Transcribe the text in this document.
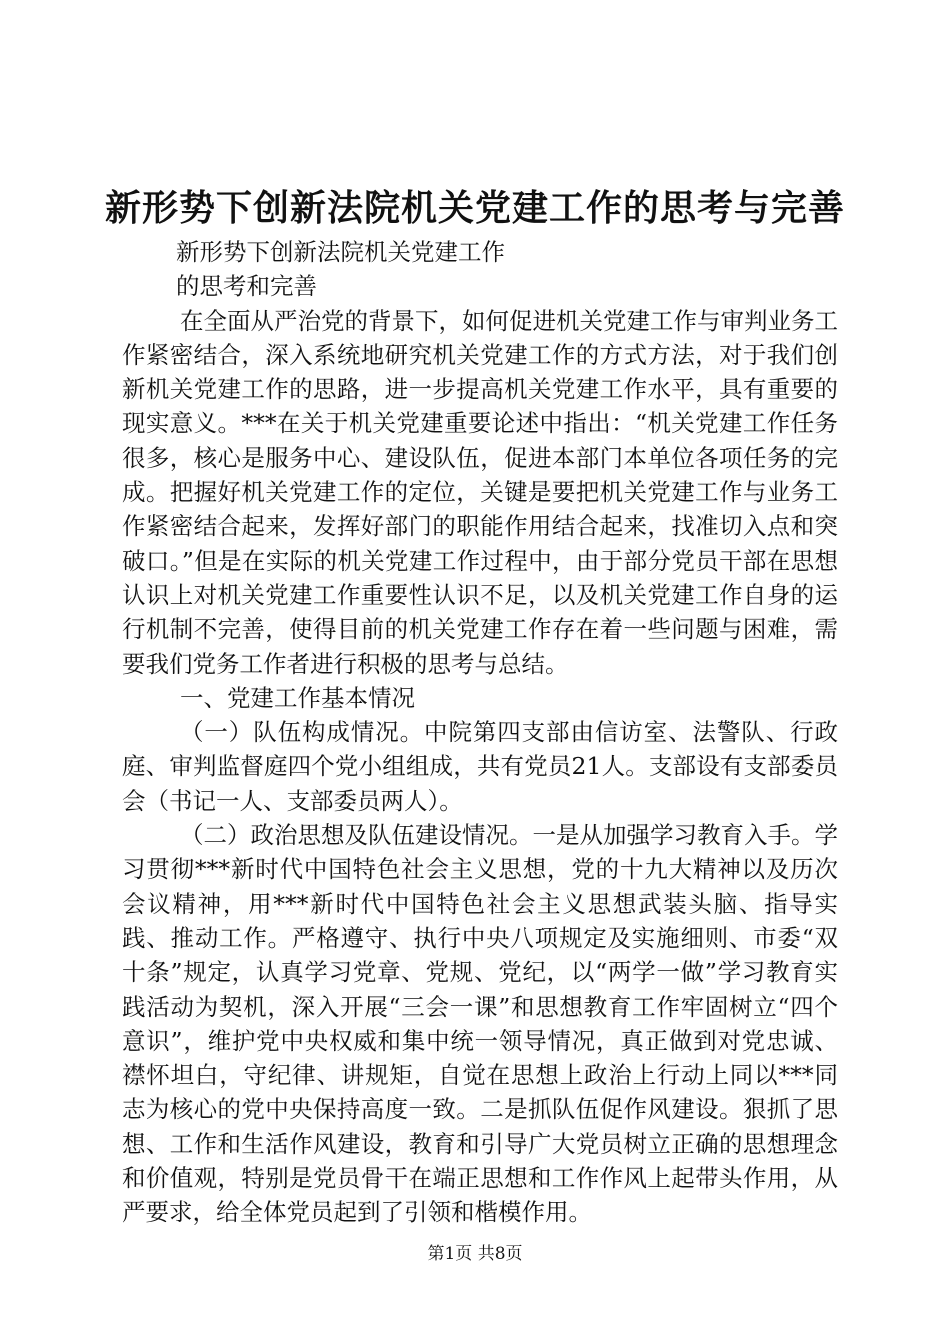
新形势下创新法院机关党建工作的思考与完善

新形势下创新法院机关党建工作

的思考和完善

在全面从严治党的背景下，如何促进机关党建工作与审判业务工作紧密结合，深入系统地研究机关党建工作的方式方法，对于我们创新机关党建工作的思路，进一步提高机关党建工作水平，具有重要的现实意义。***在关于机关党建重要论述中指出：“机关党建工作任务很多，核心是服务中心、建设队伍，促进本部门本单位各项任务的完成。把握好机关党建工作的定位，关键是要把机关党建工作与业务工作紧密结合起来，发挥好部门的职能作用结合起来，找准切入点和突破口。”但是在实际的机关党建工作过程中，由于部分党员干部在思想认识上对机关党建工作重要性认识不足，以及机关党建工作自身的运行机制不完善，使得目前的机关党建工作存在着一些问题与困难，需要我们党务工作者进行积极的思考与总结。

一、党建工作基本情况

（一）队伍构成情况。中院第四支部由信访室、法警队、行政庭、审判监督庭四个党小组组成，共有党员21人。支部设有支部委员会（书记一人、支部委员两人）。

（二）政治思想及队伍建设情况。一是从加强学习教育入手。学习贯彻***新时代中国特色社会主义思想，党的十九大精神以及历次会议精神，用***新时代中国特色社会主义思想武装头脑、指导实践、推动工作。严格遵守、执行中央八项规定及实施细则、市委“双十条”规定，认真学习党章、党规、党纪，以“两学一做”学习教育实践活动为契机，深入开展“三会一课”和思想教育工作牢固树立“四个意识”，维护党中央权威和集中统一领导情况，真正做到对党忠诚、襟怀坦白，守纪律、讲规矩，自觉在思想上政治上行动上同以***同志为核心的党中央保持高度一致。二是抓队伍促作风建设。狠抓了思想、工作和生活作风建设，教育和引导广大党员树立正确的思想理念和价值观，特别是党员骨干在端正思想和工作作风上起带头作用，从严要求，给全体党员起到了引领和楷模作用。

第1页 共8页
